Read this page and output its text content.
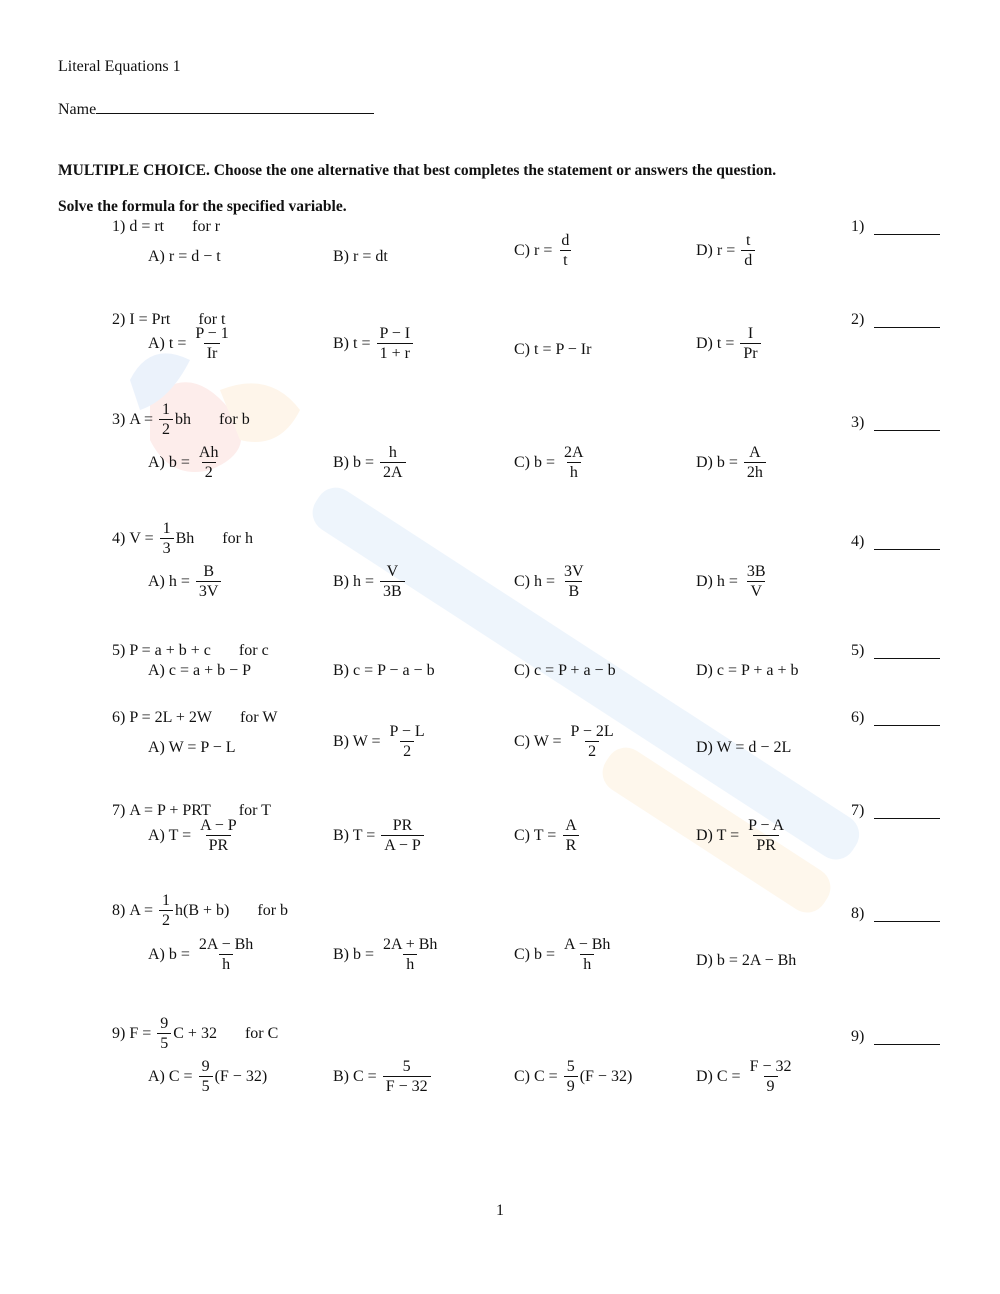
Literal Equations 1
Name
MULTIPLE CHOICE. Choose the one alternative that best completes the statement or answers the question.
Solve the formula for the specified variable.
1) d = rt for r	1)
A) r = d − t	B) r = dt	C) $r = \frac{d}{t}$	D) $r = \frac{t}{d}$
2) I = Prt for t	2)
A) $t = \frac{P - 1}{Ir}$	B) $t = \frac{P - I}{1 + r}$	C) t = P − Ir	D) $t = \frac{I}{Pr}$
3) $A = \frac{1}{2}$ bh for b	3)
A) $b = \frac{Ah}{2}$	B) $b = \frac{h}{2A}$	C) $b = \frac{2A}{h}$	D) $b = \frac{A}{2h}$
4) $V = \frac{1}{3}$ Bh for h	4)
A) $h = \frac{B}{3V}$	B) $h = \frac{V}{3B}$	C) $h = \frac{3V}{B}$	D) $h = \frac{3B}{V}$
5) P = a + b + c for c	5)
A) c = a + b − P	B) c = P − a − b	C) c = P + a − b	D) c = P + a + b
6) P = 2L + 2W for W	6)
A) W = P − L	B) $W = \frac{P - L}{2}$	C) $W = \frac{P - 2L}{2}$	D) W = d − 2L
7) A = P + PRT for T	7)
A) $T = \frac{A - P}{PR}$	B) $T = \frac{PR}{A - P}$	C) $T = \frac{A}{R}$	D) $T = \frac{P - A}{PR}$
8) $A = \frac{1}{2} h(B + b)$ for b	8)
A) $b = \frac{2A - Bh}{h}$	B) $b = \frac{2A + Bh}{h}$	C) $b = \frac{A - Bh}{h}$	D) b = 2A − Bh
9) $F = \frac{9}{5}$ C + 32 for C	9)
A) $C = \frac{9}{5} (F - 32)$	B) $C = \frac{5}{F - 32}$	C) $C = \frac{5}{9} (F - 32)$	D) $C = \frac{F - 32}{9}$
1
